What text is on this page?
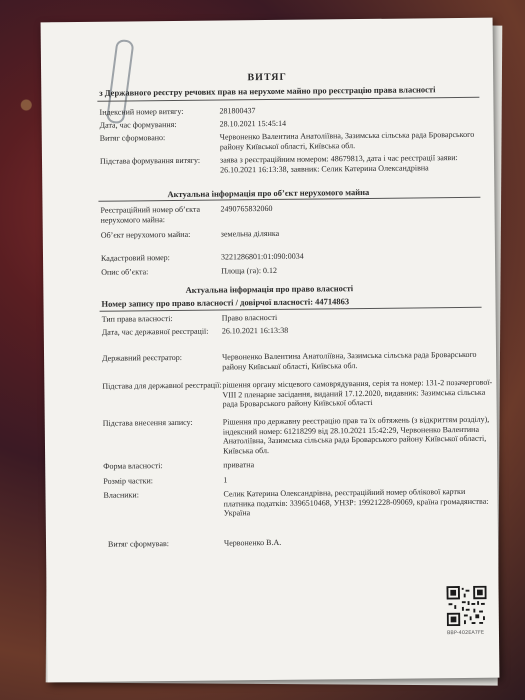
ВИТЯГ
з Державного реєстру речових прав на нерухоме майно про реєстрацію права власності
Індексний номер витягу:	281800437
Дата, час формування:	28.10.2021 15:45:14
Витяг сформовано:	Червоненко Валентина Анатоліївна, Зазимська сільська рада Броварського району Київської області, Київська обл.
Підстава формування витягу:	заява з реєстраційним номером: 48679813, дата і час реєстрації заяви: 26.10.2021 16:13:38, заявник: Селик Катерина Олександрівна
Актуальна інформація про об’єкт нерухомого майна
Реєстраційний номер об’єкта нерухомого майна:
2490765832060
Об’єкт нерухомого майна:	земельна ділянка
Кадастровий номер:	3221286801:01:090:0034
Опис об’єкта:	Площа (га): 0.12
Актуальна інформація про право власності
Номер запису про право власності / довірчої власності: 44714863
Тип права власності:	Право власності
Дата, час державної реєстрації:	26.10.2021 16:13:38
Державний реєстратор:	Червоненко Валентина Анатоліївна, Зазимська сільська рада Броварського району Київської області, Київська обл.
Підстава для державної реєстрації: рішення органу місцевого самоврядування, серія та номер: 131-2 позачергової-VIII 2 пленарне засідання, виданий 17.12.2020, видавник: Зазимська сільська рада Броварського району Київської області
Підстава внесення запису:	Рішення про державну реєстрацію прав та їх обтяжень (з відкриттям розділу), індексний номер: 61218299 від 28.10.2021 15:42:29, Червоненко Валентина Анатоліївна, Зазимська сільська рада Броварського району Київської області, Київська обл.
Форма власності:	приватна
Розмір частки:	1
Власники:	Селик Катерина Олександрівна, реєстраційний номер облікової картки платника податків: 3396510468, УНЗР: 19921228-09069, країна громадянства: Україна
Витяг сформував:	Червоненко В.А.
ВВР-402EA7FE
